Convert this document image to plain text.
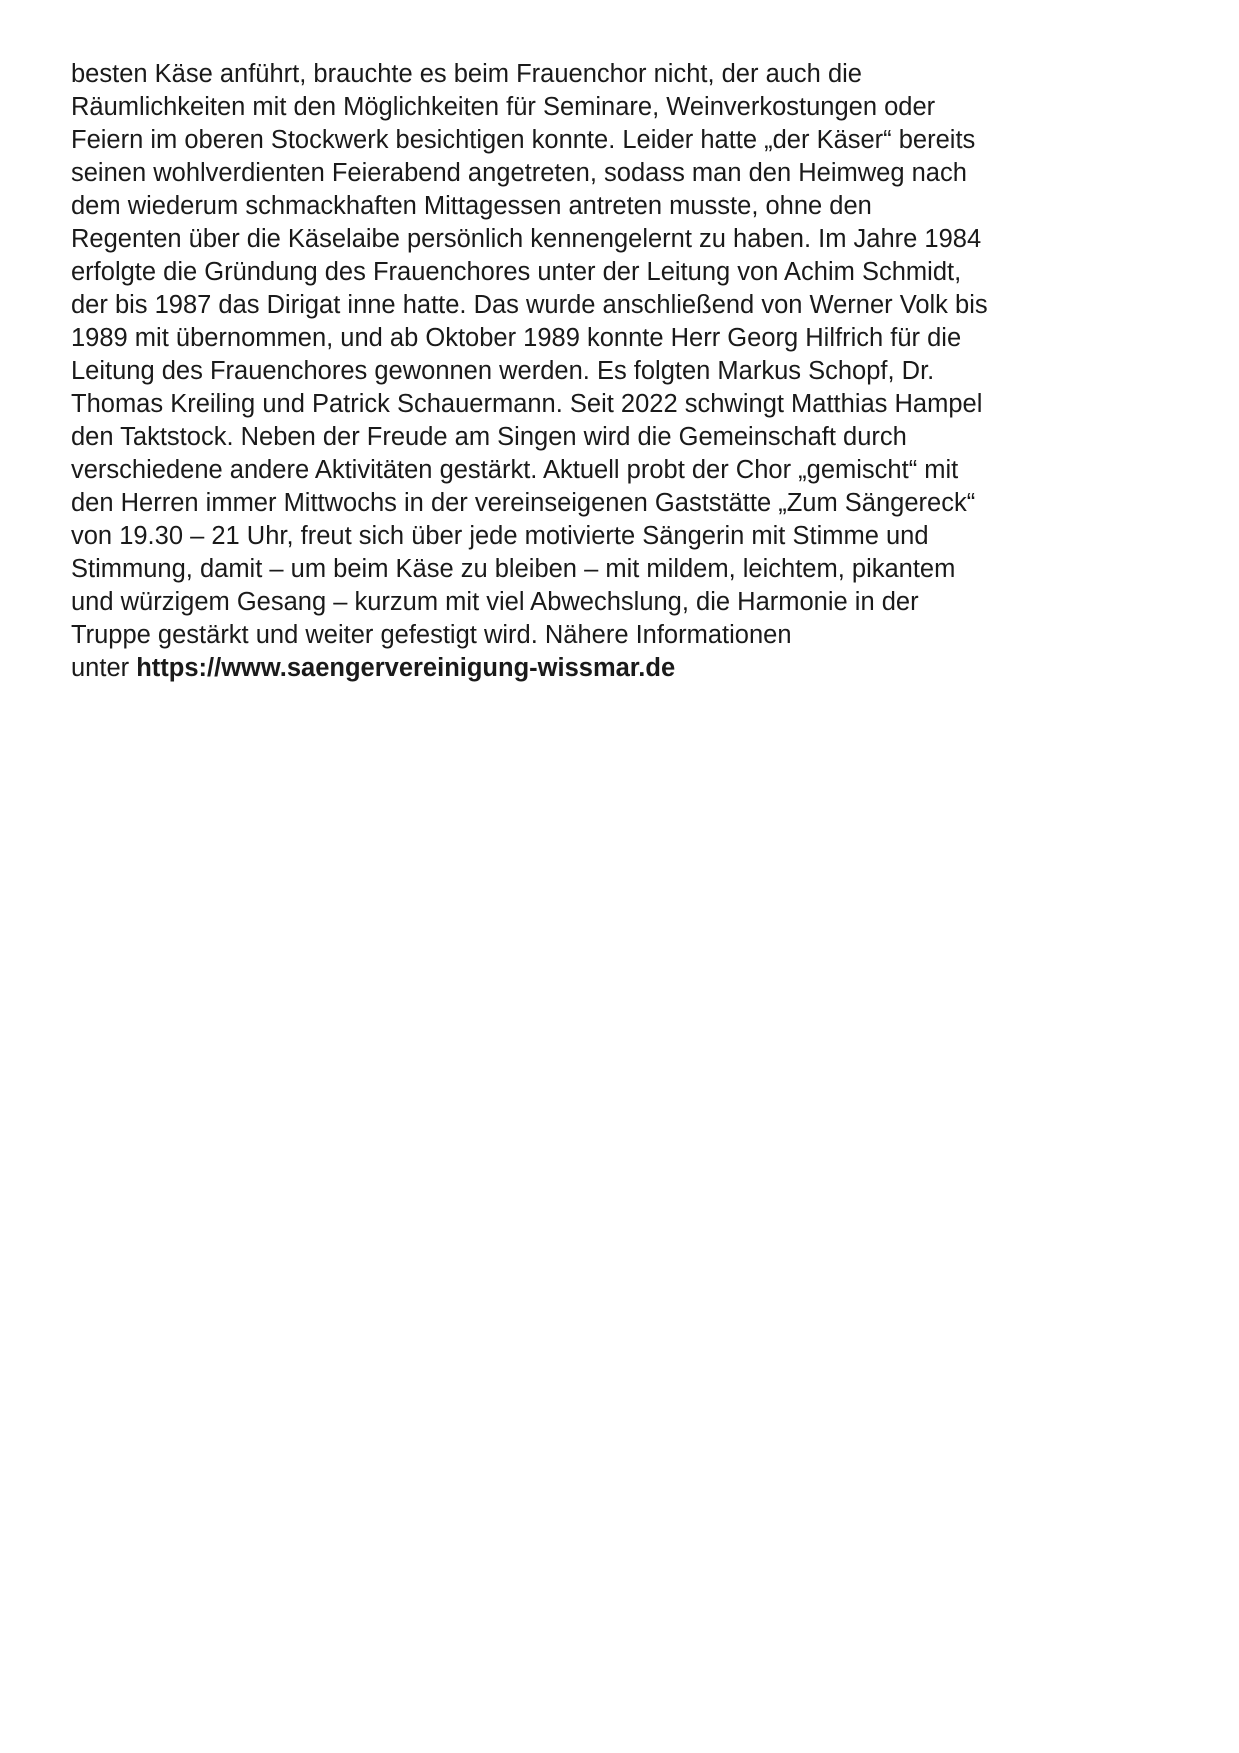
besten Käse anführt, brauchte es beim Frauenchor nicht, der auch die
Räumlichkeiten mit den Möglichkeiten für Seminare, Weinverkostungen oder
Feiern im oberen Stockwerk besichtigen konnte. Leider hatte „der Käser“ bereits
seinen wohlverdienten Feierabend angetreten, sodass man den Heimweg nach
dem wiederum schmackhaften Mittagessen antreten musste, ohne den
Regenten über die Käselaibe persönlich kennengelernt zu haben. Im Jahre 1984
erfolgte die Gründung des Frauenchores unter der Leitung von Achim Schmidt,
der bis 1987 das Dirigat inne hatte. Das wurde anschließend von Werner Volk bis
1989 mit übernommen, und ab Oktober 1989 konnte Herr Georg Hilfrich für die
Leitung des Frauenchores gewonnen werden. Es folgten Markus Schopf, Dr.
Thomas Kreiling und Patrick Schauermann. Seit 2022 schwingt Matthias Hampel
den Taktstock. Neben der Freude am Singen wird die Gemeinschaft durch
verschiedene andere Aktivitäten gestärkt. Aktuell probt der Chor „gemischt“ mit
den Herren immer Mittwochs in der vereinseigenen Gaststätte „Zum Sängereck“
von 19.30 – 21 Uhr, freut sich über jede motivierte Sängerin mit Stimme und
Stimmung, damit – um beim Käse zu bleiben – mit mildem, leichtem, pikantem
und würzigem Gesang – kurzum mit viel Abwechslung, die Harmonie in der
Truppe gestärkt und weiter gefestigt wird. Nähere Informationen
unter https://www.saengervereinigung-wissmar.de
